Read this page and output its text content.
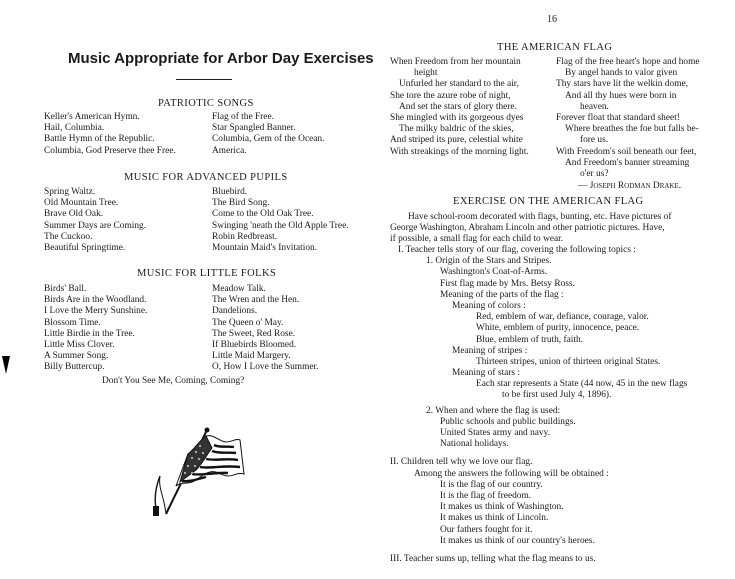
16
Music Appropriate for Arbor Day Exercises
PATRIOTIC SONGS
Keller's American Hymn.
Hail, Columbia.
Battle Hymn of the Republic.
Columbia, God Preserve thee Free.
Flag of the Free.
Star Spangled Banner.
Columbia, Gem of the Ocean.
America.
MUSIC FOR ADVANCED PUPILS
Spring Waltz.
Old Mountain Tree.
Brave Old Oak.
Summer Days are Coming.
The Cuckoo.
Beautiful Springtime.
Bluebird.
The Bird Song.
Come to the Old Oak Tree.
Swinging 'neath the Old Apple Tree.
Robin Redbreast.
Mountain Maid's Invitation.
MUSIC FOR LITTLE FOLKS
Birds' Ball.
Birds Are in the Woodland.
I Love the Merry Sunshine.
Blossom Time.
Little Birdie in the Tree.
Little Miss Clover.
A Summer Song.
Billy Buttercup.
Meadow Talk.
The Wren and the Hen.
Dandelions.
The Queen o' May.
The Sweet, Red Rose.
If Bluebirds Bloomed.
Little Maid Margery.
O, How I Love the Summer.
Don't You See Me, Coming, Coming?
THE AMERICAN FLAG
When Freedom from her mountain
height
Unfurled her standard to the air,
She tore the azure robe of night,
And set the stars of glory there.
She mingled with its gorgeous dyes
The milky baldric of the skies,
And striped its pure, celestial white
With streakings of the morning light.
Flag of the free heart's hope and home
By angel hands to valor given
Thy stars have lit the welkin dome,
And all thy hues were born in
heaven.
Forever float that standard sheet!
Where breathes the foe but falls be-
fore us.
With Freedom's soil beneath our feet,
And Freedom's banner streaming
o'er us?
— Joseph Rodman Drake.
EXERCISE ON THE AMERICAN FLAG
Have school-room decorated with flags, bunting, etc. Have pictures of
George Washington, Abraham Lincoln and other patriotic pictures. Have,
if possible, a small flag for each child to wear.
I. Teacher tells story of our flag, covering the following topics :
1. Origin of the Stars and Stripes.
Washington's Coat-of-Arms.
First flag made by Mrs. Betsy Ross.
Meaning of the parts of the flag :
Meaning of colors :
Red, emblem of war, defiance, courage, valor.
White, emblem of purity, innocence, peace.
Blue, emblem of truth, faith.
Meaning of stripes :
Thirteen stripes, union of thirteen original States.
Meaning of stars :
Each star represents a State (44 now, 45 in the new flags
to be first used July 4, 1896).
2. When and where the flag is used:
Public schools and public buildings.
United States army and navy.
National holidays.
II. Children tell why we love our flag.
Among the answers the following will be obtained :
It is the flag of our country.
It is the flag of freedom.
It makes us think of Washington.
It makes us think of Lincoln.
Our fathers fought for it.
It makes us think of our country's heroes.
III. Teacher sums up, telling what the flag means to us.
